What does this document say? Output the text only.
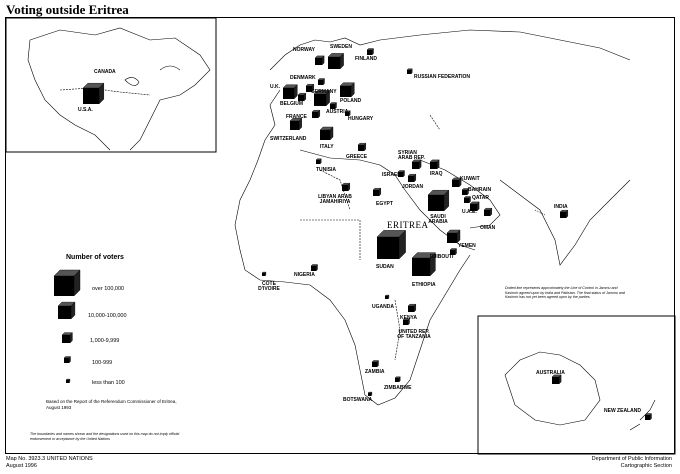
Voting outside Eritrea
CANADA
U.S.A.
NORWAY	SWEDEN
FINLAND
RUSSIAN FEDERATION
DENMARK
U.K.
GERMANY
POLAND
BELGIUM
AUSTRIA
HUNGARY
FRANCE
SWITZERLAND
ITALY
GREECE
TUNISIA
SYRIAN ARAB REP.
IRAQ
KUWAIT
ISRAEL
JORDAN	BAHRAIN
QATAR
U.A.E.
LIBYAN ARAB JAMAHIRIYA	EGYPT
SAUDI ARABIA
OMAN
INDIA
ERITREA
YEMEN
SUDAN
DJIBOUTI
ETHIOPIA
NIGERIA
COTE D'IVOIRE
UGANDA
KENYA
UNITED REP. OF TANZANIA
ZAMBIA
ZIMBABWE
BOTSWANA
AUSTRALIA
NEW ZEALAND
Number of voters
over 100,000
10,000-100,000
1,000-9,999
100-999
less than 100
Based on the Report of the Referendum Commissioner of Eritrea, August 1993
The boundaries and names shown and the designations used on this map do not imply official endorsement or acceptance by the United Nations
Dotted line represents approximately the Line of Control in Jammu and Kashmir agreed upon by India and Pakistan. The final status of Jammu and Kashmir has not yet been agreed upon by the parties.
Map No. 3923.3 UNITED NATIONS
August 1996
Department of Public Information
Cartographic Section
